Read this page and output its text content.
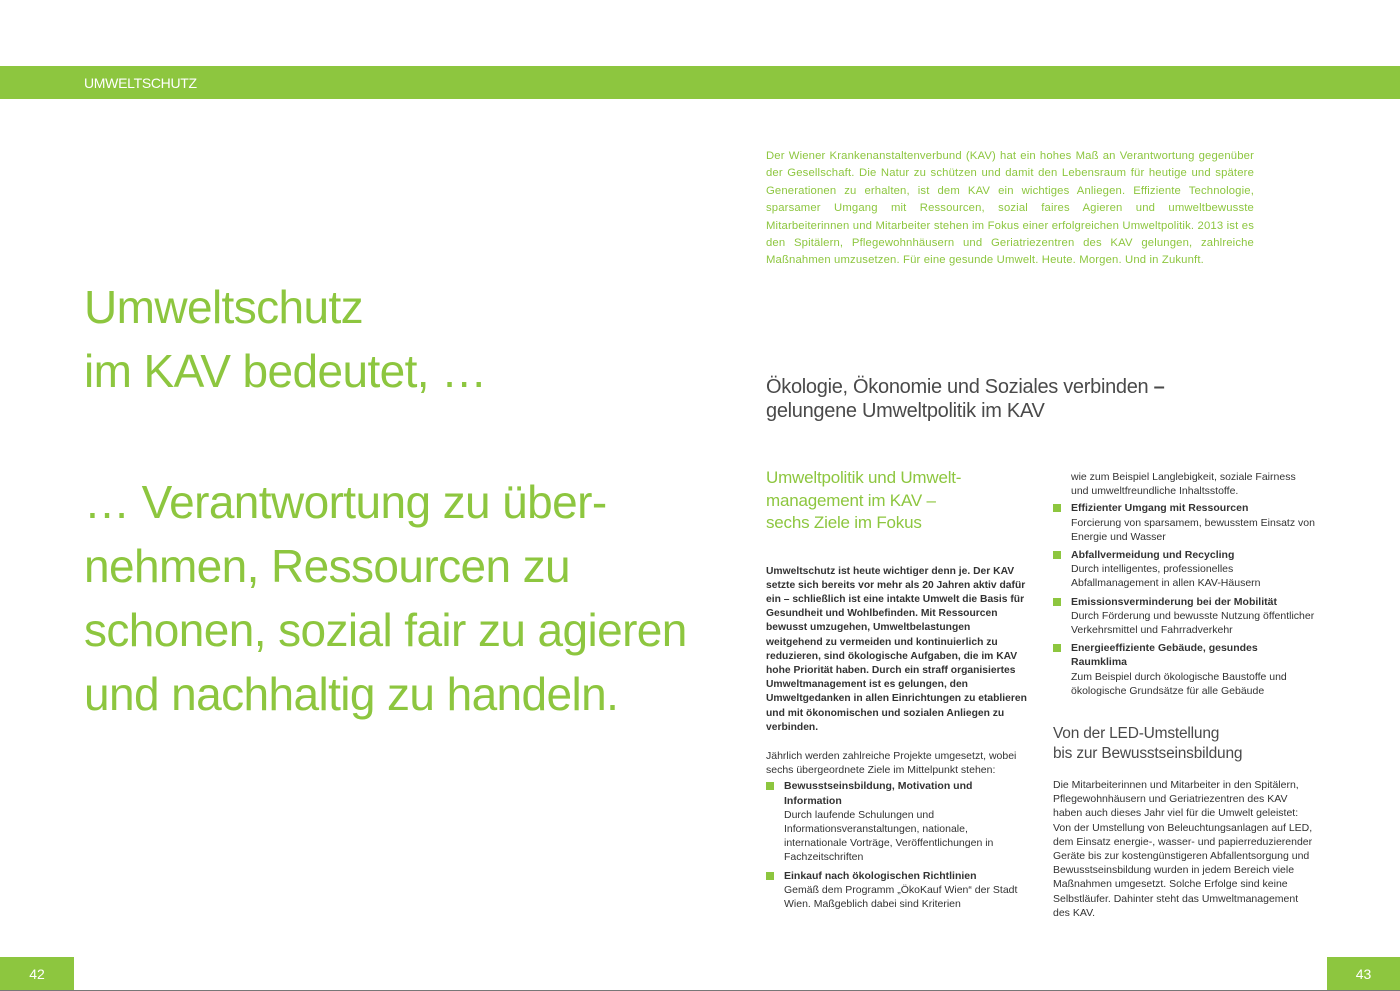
UMWELTSCHUTZ
Umweltschutz
im KAV bedeutet, …
… Verantwortung zu über-
nehmen, Ressourcen zu
schonen, sozial fair zu agieren
und nachhaltig zu handeln.

Der Wiener Krankenanstaltenverbund (KAV) hat ein hohes Maß an Verantwortung gegenüber der Gesellschaft. Die Natur zu schützen und damit den Lebensraum für heutige und spätere Generationen zu erhalten, ist dem KAV ein wichtiges Anliegen. Effiziente Technologie, sparsamer Umgang mit Ressourcen, sozial faires Agieren und umweltbewusste Mitarbeiterinnen und Mitarbeiter stehen im Fokus einer erfolgreichen Umweltpolitik. 2013 ist es den Spitälern, Pflegewohnhäusern und Geriatriezentren des KAV gelungen, zahlreiche Maßnahmen umzusetzen. Für eine gesunde Umwelt. Heute. Morgen. Und in Zukunft.

Ökologie, Ökonomie und Soziales verbinden –
gelungene Umweltpolitik im KAV
Umweltpolitik und Umwelt-
management im KAV –
sechs Ziele im Fokus

Umweltschutz ist heute wichtiger denn je. Der KAV setzte sich bereits vor mehr als 20 Jahren aktiv dafür ein – schließlich ist eine intakte Umwelt die Basis für Gesundheit und Wohlbefinden. Mit Ressourcen bewusst umzugehen, Umweltbelastungen weitgehend zu vermeiden und kontinuierlich zu reduzieren, sind ökologische Aufgaben, die im KAV hohe Priorität haben. Durch ein straff organisiertes Umweltmanagement ist es gelungen, den Umweltgedanken in allen Einrichtungen zu etablieren und mit ökonomischen und sozialen Anliegen zu verbinden.

Jährlich werden zahlreiche Projekte umgesetzt, wobei sechs übergeordnete Ziele im Mittelpunkt stehen:

Bewusstseinsbildung, Motivation und Information
Durch laufende Schulungen und Informationsveranstaltungen, nationale, internationale Vorträge, Veröffentlichungen in Fachzeitschriften
Einkauf nach ökologischen Richtlinien
Gemäß dem Programm „ÖkoKauf Wien“ der Stadt Wien. Maßgeblich dabei sind Kriterien

wie zum Beispiel Langlebigkeit, soziale Fairness und umweltfreundliche Inhaltsstoffe.

Effizienter Umgang mit Ressourcen
Forcierung von sparsamem, bewusstem Einsatz von Energie und Wasser
Abfallvermeidung und Recycling
Durch intelligentes, professionelles Abfallmanagement in allen KAV-Häusern
Emissionsverminderung bei der Mobilität
Durch Förderung und bewusste Nutzung öffentlicher Verkehrsmittel und Fahrradverkehr
Energieeffiziente Gebäude, gesundes Raumklima
Zum Beispiel durch ökologische Baustoffe und ökologische Grundsätze für alle Gebäude
Von der LED-Umstellung
bis zur Bewusstseinsbildung

Die Mitarbeiterinnen und Mitarbeiter in den Spitälern, Pflegewohnhäusern und Geriatriezentren des KAV haben auch dieses Jahr viel für die Umwelt geleistet: Von der Umstellung von Beleuchtungsanlagen auf LED, dem Einsatz energie-, wasser- und papierreduzierender Geräte bis zur kostengünstigeren Abfallentsorgung und Bewusstseinsbildung wurden in jedem Bereich viele Maßnahmen umgesetzt. Solche Erfolge sind keine Selbstläufer. Dahinter steht das Umweltmanagement des KAV.

42	43
